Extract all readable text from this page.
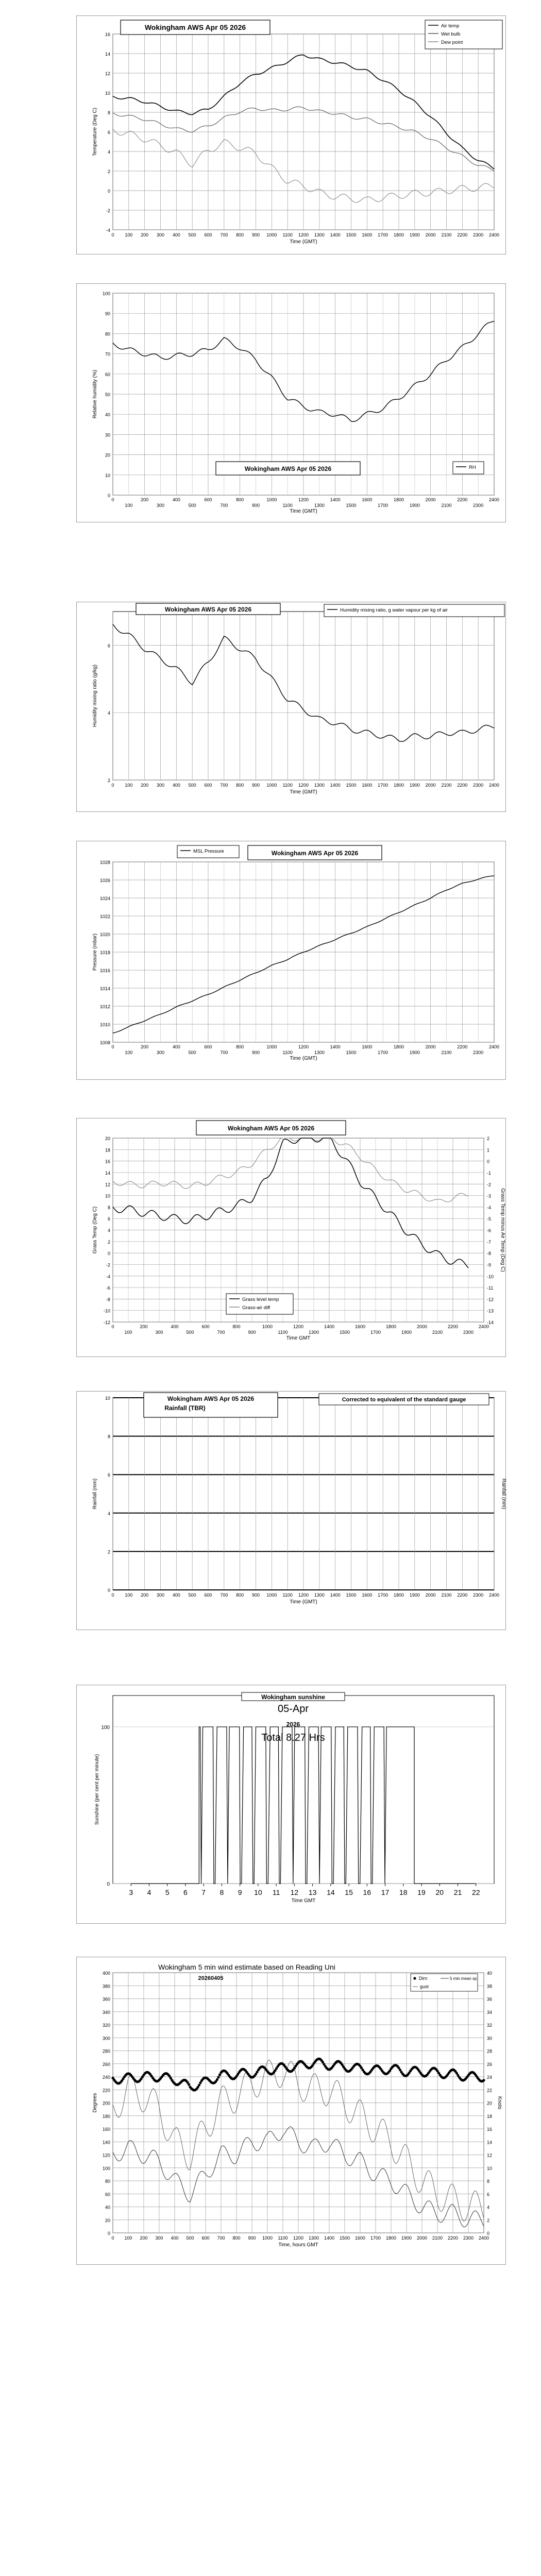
-4
-2
0
2
4
6
8
10
12
14
16
0 100 200 300 400 500 600 700 800 900 1000 1100 1200 1300 1400 1500 1600 1700 1800 1900 2000 2100 2200 2300 2400
Time (GMT)
Temperature (Deg C)
Wokingham AWS Apr 05 2026	Air temp
Wet bulb
Dew point
0
10
20
30
40
50
60
70
80
90
100
0	200	400	600	800	1000	1200	1400	1600	1800	2000	2200	2400
100	300	500	700	900	1100	1300	1500	1700	1900	2100	2300
Time (GMT)
Relative humidity (%)
Wokingham AWS Apr 05 2026	RH
2
4
6
0 100 200 300 400 500 600 700 800 900 1000 1100 1200 1300 1400 1500 1600 1700 1800 1900 2000 2100 2200 2300 2400
Time (GMT)
Humidity mixing ratio (g/kg)
Wokingham AWS Apr 05 2026	Humidity mixing ratio, g water vapour per kg of air
1008
1010
1012
1014
1016
1018
1020
1022
1024
1026
1028
0	200	400	600	800	1000	1200	1400	1600	1800	2000	2200	2400
100	300	500	700	900	1100	1300	1500	1700	1900	2100	2300
Time (GMT)
Pressure (mbar)
MSL Pressure	Wokingham AWS Apr 05 2026
-12
-10
-8
-6
-4
-2
0
2
4
6
8
10
12
14
16
18
20
0	200	400	600	800	1000	1200	1400	1600	1800	2000	2200	2400
100	300	500	700	900	1100	1300	1500	1700	1900	2100	2300
Time GMT
Grass Temp (Deg C)
-14
-13
-12
-11
-10
-9
-8
-7
-6
-5
-4
-3
-2
-1
0
1
2
Grass Temp minus Air Temp (Deg C)
Wokingham AWS Apr 05 2026
Grass level temp
Grass-air diff
0
2
4
6
8
10
0 100 200 300 400 500 600 700 800 900 1000 1100 1200 1300 1400 1500 1600 1700 1800 1900 2000 2100 2200 2300 2400
Time (GMT)
Rainfall (mm)	Rainfall (mm)
Wokingham AWS Apr 05 2026
Rainfall (TBR)
Corrected to equivalent of the standard gauge
3 4 5 6 7 8 9 10 11 12 13 14 15 16 17 18 19 20 21 22
0
100
Time GMT
Sunshine (per cent per minute)
Wokingham sunshine
05-Apr
2026
Total 8.27 Hrs
0
20
40
60
80
100
120
140
160
180
200
220
240
260
280
300
320
340
360
380
400
0 100 200 300 400 500 600 700 800 900 1000 1100 1200 1300 1400 1500 1600 1700 1800 1900 2000 2100 2200 2300 2400
Time, hours GMT
Degrees
0
2
4
6
8
10
12
14
16
18
20
22
24
26
28
30
32
34
36
38
40
Knots
Wokingham 5 min wind estimate based on Reading Uni
20260405	Dirn	5 min mean sp
gust
